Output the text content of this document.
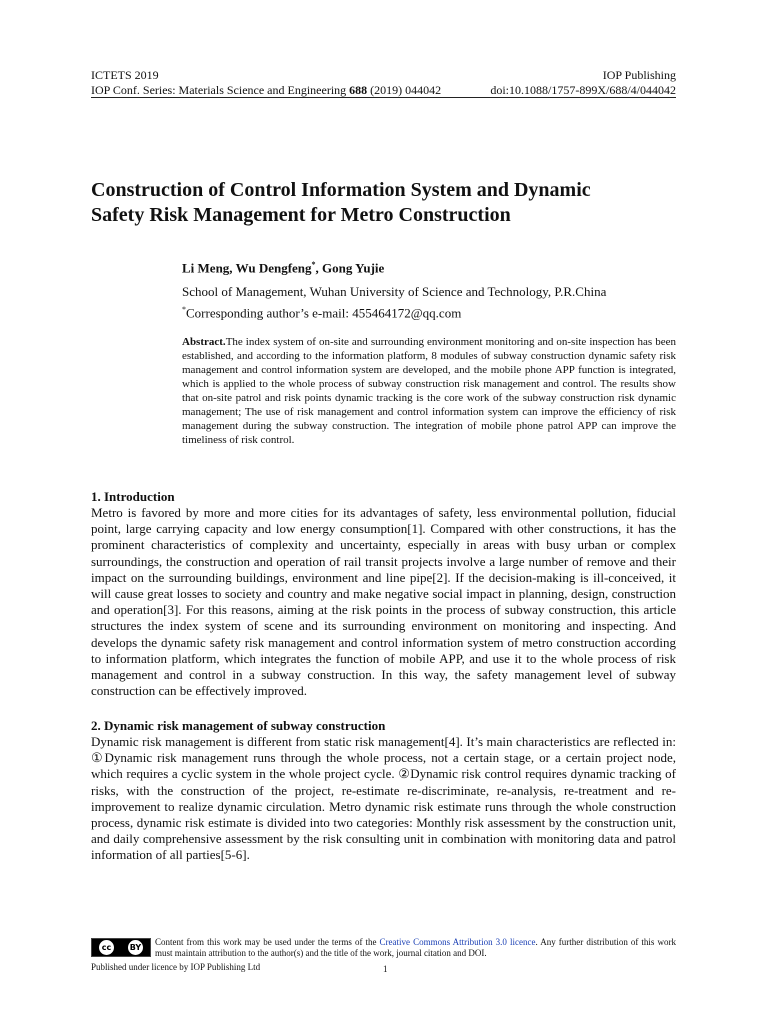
ICTETS 2019	IOP Publishing
IOP Conf. Series: Materials Science and Engineering 688 (2019) 044042	doi:10.1088/1757-899X/688/4/044042
Construction of Control Information System and Dynamic
Safety Risk Management for Metro Construction
Li Meng, Wu Dengfeng*, Gong Yujie
School of Management, Wuhan University of Science and Technology, P.R.China
*Corresponding author’s e-mail: 455464172@qq.com
Abstract.The index system of on-site and surrounding environment monitoring and on-site inspection has been established, and according to the information platform, 8 modules of subway construction dynamic safety risk management and control information system are developed, and the mobile phone APP function is integrated, which is applied to the whole process of subway construction risk management and control. The results show that on-site patrol and risk points dynamic tracking is the core work of the subway construction risk dynamic management; The use of risk management and control information system can improve the efficiency of risk management during the subway construction. The integration of mobile phone patrol APP can improve the timeliness of risk control.
1. Introduction
Metro is favored by more and more cities for its advantages of safety, less environmental pollution, fiducial point, large carrying capacity and low energy consumption[1]. Compared with other constructions, it has the prominent characteristics of complexity and uncertainty, especially in areas with busy urban or complex surroundings, the construction and operation of rail transit projects involve a large number of remove and their impact on the surrounding buildings, environment and line pipe[2]. If the decision-making is ill-conceived, it will cause great losses to society and country and make negative social impact in planning, design, construction and operation[3]. For this reasons, aiming at the risk points in the process of subway construction, this article structures the index system of scene and its surrounding environment on monitoring and inspecting. And develops the dynamic safety risk management and control information system of metro construction according to information platform, which integrates the function of mobile APP, and use it to the whole process of risk management and control in a subway construction. In this way, the safety management level of subway construction can be effectively improved.
2. Dynamic risk management of subway construction
Dynamic risk management is different from static risk management[4]. It’s main characteristics are reflected in: ①Dynamic risk management runs through the whole process, not a certain stage, or a certain project node, which requires a cyclic system in the whole project cycle. ②Dynamic risk control requires dynamic tracking of risks, with the construction of the project, re-estimate re-discriminate, re-analysis, re-treatment and re-improvement to realize dynamic circulation. Metro dynamic risk estimate runs through the whole construction process, dynamic risk estimate is divided into two categories: Monthly risk assessment by the construction unit, and daily comprehensive assessment by the risk consulting unit in combination with monitoring data and patrol information of all parties[5-6].
cc	BY
Content from this work may be used under the terms of the Creative Commons Attribution 3.0 licence. Any further distribution of this work must maintain attribution to the author(s) and the title of the work, journal citation and DOI.
Published under licence by IOP Publishing Ltd	1
